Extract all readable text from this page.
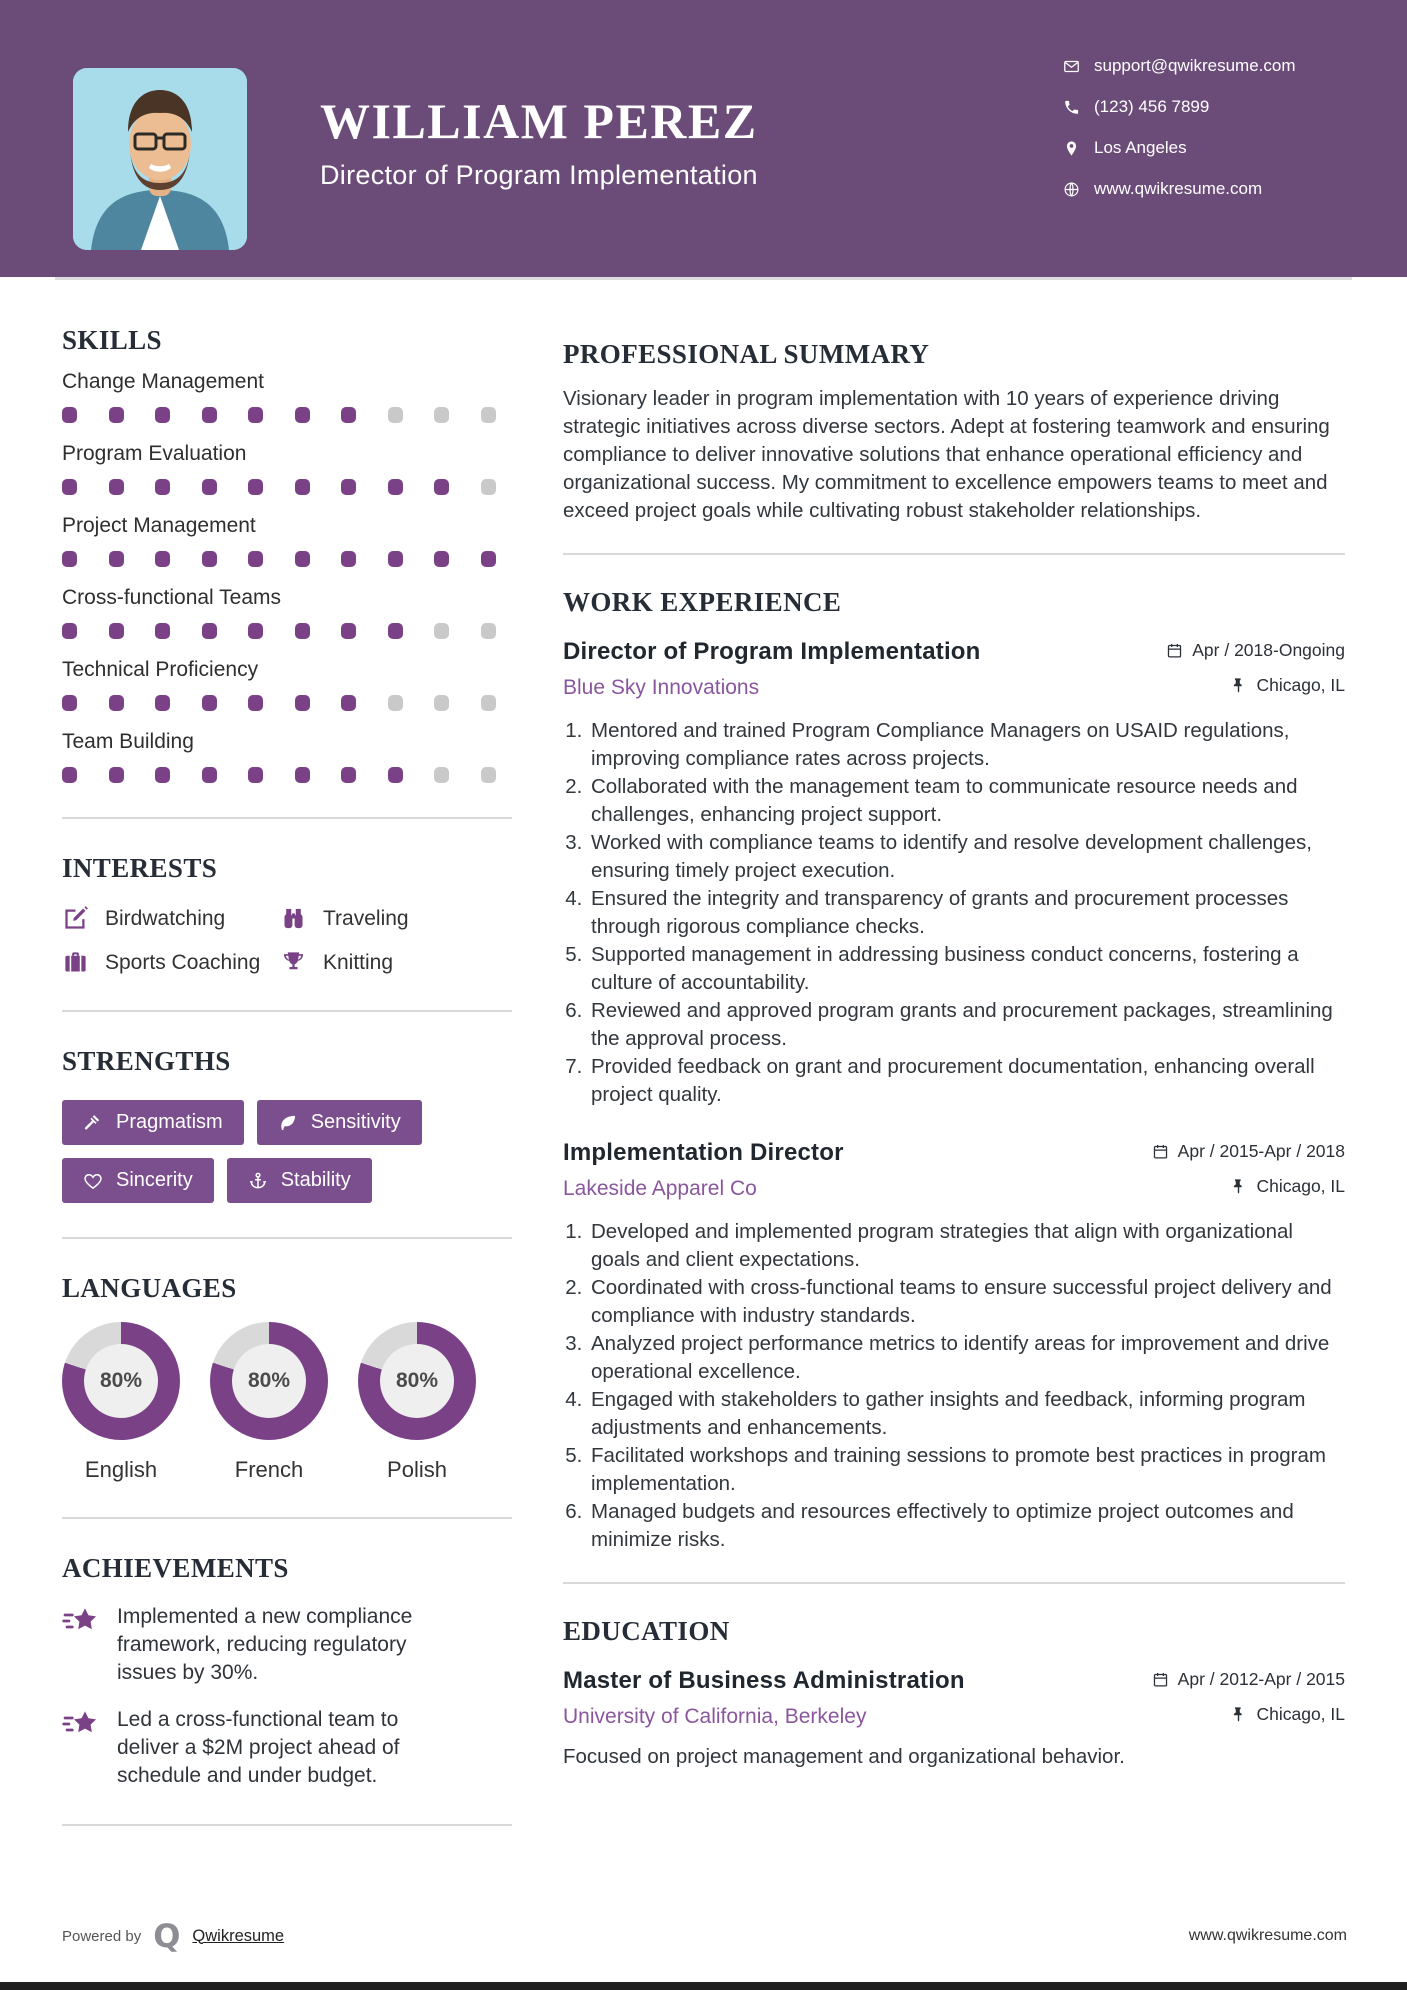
WILLIAM PEREZ
Director of Program Implementation
support@qwikresume.com
(123) 456 7899
Los Angeles
www.qwikresume.com
SKILLS
Change Management
Program Evaluation
Project Management
Cross-functional Teams
Technical Proficiency
Team Building
INTERESTS
Birdwatching	Traveling
Sports Coaching	Knitting
STRENGTHS
Pragmatism	Sensitivity
Sincerity	Stability
LANGUAGES
80%
English
80%
French
80%
Polish
ACHIEVEMENTS

Implemented a new compliance framework, reducing regulatory issues by 30%.

Led a cross-functional team to deliver a $2M project ahead of schedule and under budget.

PROFESSIONAL SUMMARY

Visionary leader in program implementation with 10 years of experience driving strategic initiatives across diverse sectors. Adept at fostering teamwork and ensuring compliance to deliver innovative solutions that enhance operational efficiency and organizational success. My commitment to excellence empowers teams to meet and exceed project goals while cultivating robust stakeholder relationships.

WORK EXPERIENCE
Director of Program Implementation	Apr / 2018-Ongoing
Blue Sky Innovations	Chicago, IL
1. Mentored and trained Program Compliance Managers on USAID regulations, improving compliance rates across projects.
2. Collaborated with the management team to communicate resource needs and challenges, enhancing project support.
3. Worked with compliance teams to identify and resolve development challenges, ensuring timely project execution.
4. Ensured the integrity and transparency of grants and procurement processes through rigorous compliance checks.
5. Supported management in addressing business conduct concerns, fostering a culture of accountability.
6. Reviewed and approved program grants and procurement packages, streamlining the approval process.
7. Provided feedback on grant and procurement documentation, enhancing overall project quality.
Implementation Director	Apr / 2015-Apr / 2018
Lakeside Apparel Co	Chicago, IL
1. Developed and implemented program strategies that align with organizational goals and client expectations.
2. Coordinated with cross-functional teams to ensure successful project delivery and compliance with industry standards.
3. Analyzed project performance metrics to identify areas for improvement and drive operational excellence.
4. Engaged with stakeholders to gather insights and feedback, informing program adjustments and enhancements.
5. Facilitated workshops and training sessions to promote best practices in program implementation.
6. Managed budgets and resources effectively to optimize project outcomes and minimize risks.
EDUCATION
Master of Business Administration	Apr / 2012-Apr / 2015
University of California, Berkeley	Chicago, IL

Focused on project management and organizational behavior.

Powered by Q Qwikresume	www.qwikresume.com
